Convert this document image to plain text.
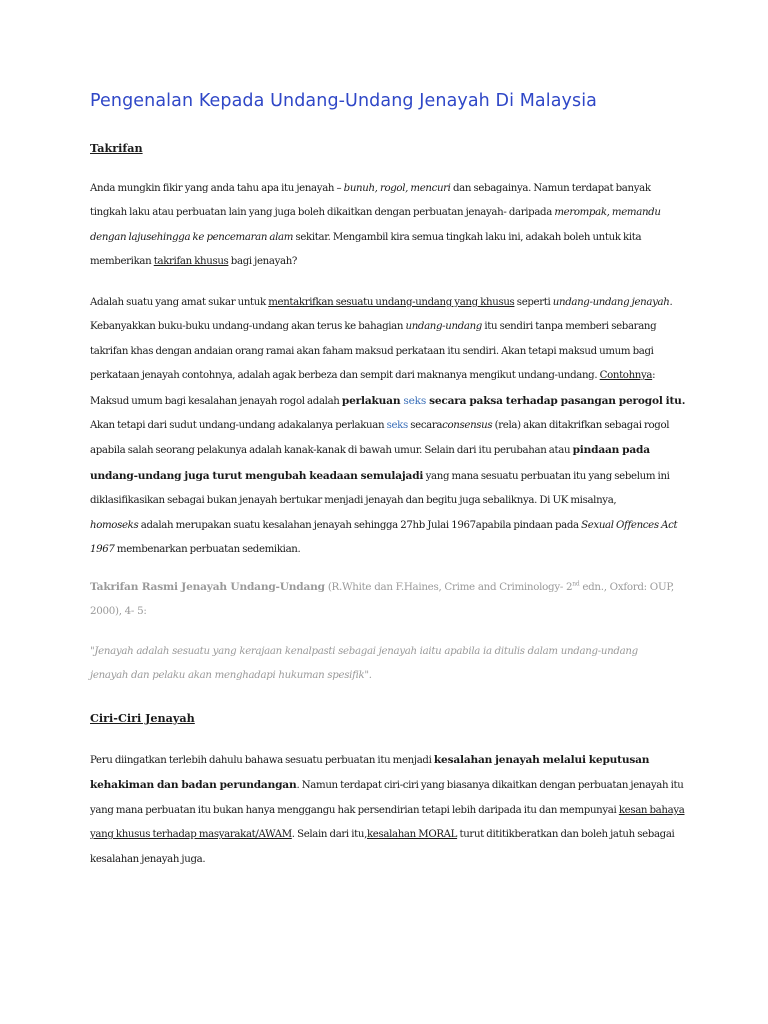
Pengenalan Kepada Undang-Undang Jenayah Di Malaysia
Takrifan

Anda mungkin fikir yang anda tahu apa itu jenayah – bunuh, rogol, mencuri dan sebagainya. Namun terdapat banyak
tingkah laku atau perbuatan lain yang juga boleh dikaitkan dengan perbuatan jenayah- daripada merompak, memandu
dengan lajusehingga ke pencemaran alam sekitar. Mengambil kira semua tingkah laku ini, adakah boleh untuk kita
memberikan takrifan khusus bagi jenayah?

Adalah suatu yang amat sukar untuk mentakrifkan sesuatu undang-undang yang khusus seperti undang-undang jenayah.
Kebanyakkan buku-buku undang-undang akan terus ke bahagian undang-undang itu sendiri tanpa memberi sebarang
takrifan khas dengan andaian orang ramai akan faham maksud perkataan itu sendiri. Akan tetapi maksud umum bagi
perkataan jenayah contohnya, adalah agak berbeza dan sempit dari maknanya mengikut undang-undang. Contohnya:
Maksud umum bagi kesalahan jenayah rogol adalah perlakuan seks secara paksa terhadap pasangan perogol itu.
Akan tetapi dari sudut undang-undang adakalanya perlakuan seks secaraconsensus (rela) akan ditakrifkan sebagai rogol
apabila salah seorang pelakunya adalah kanak-kanak di bawah umur. Selain dari itu perubahan atau pindaan pada
undang-undang juga turut mengubah keadaan semulajadi yang mana sesuatu perbuatan itu yang sebelum ini
diklasifikasikan sebagai bukan jenayah bertukar menjadi jenayah dan begitu juga sebaliknya. Di UK misalnya,
homoseks adalah merupakan suatu kesalahan jenayah sehingga 27hb Julai 1967apabila pindaan pada Sexual Offences Act
1967 membenarkan perbuatan sedemikian.

Takrifan Rasmi Jenayah Undang-Undang (R.White dan F.Haines, Crime and Criminology- 2nd edn., Oxford: OUP,
2000), 4- 5:

"Jenayah adalah sesuatu yang kerajaan kenalpasti sebagai jenayah iaitu apabila ia ditulis dalam undang-undang
jenayah dan pelaku akan menghadapi hukuman spesifik".

Ciri-Ciri Jenayah

Peru diingatkan terlebih dahulu bahawa sesuatu perbuatan itu menjadi kesalahan jenayah melalui keputusan
kehakiman dan badan perundangan. Namun terdapat ciri-ciri yang biasanya dikaitkan dengan perbuatan jenayah itu
yang mana perbuatan itu bukan hanya menggangu hak persendirian tetapi lebih daripada itu dan mempunyai kesan bahaya
yang khusus terhadap masyarakat/AWAM. Selain dari itu,kesalahan MORAL turut dititikberatkan dan boleh jatuh sebagai
kesalahan jenayah juga.
